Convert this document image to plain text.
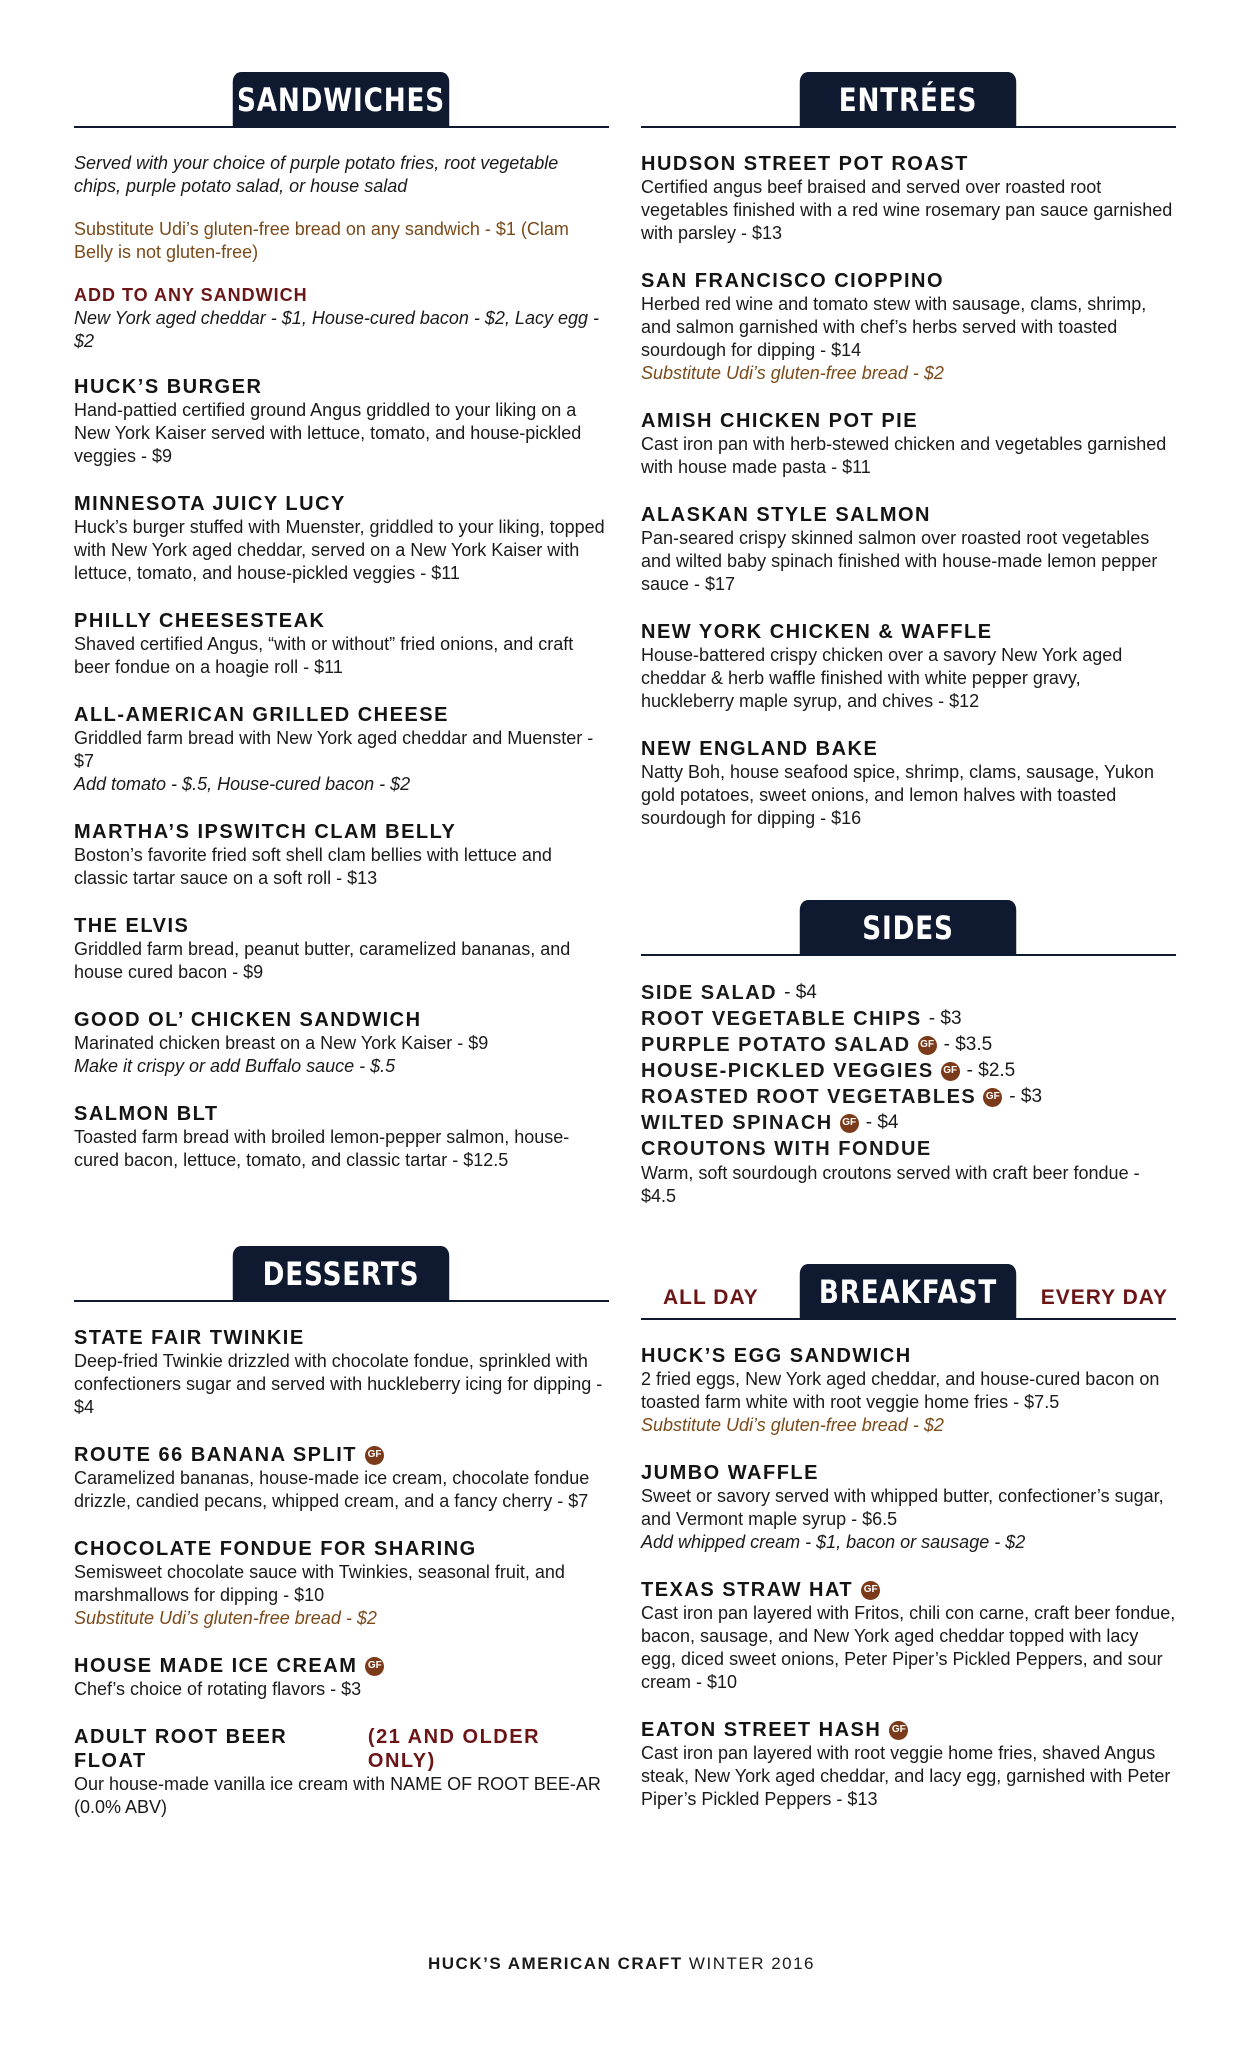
SANDWICHES

Served with your choice of purple potato fries, root vegetable chips, purple potato salad, or house salad

Substitute Udi’s gluten-free bread on any sandwich - $1 (Clam Belly is not gluten-free)

ADD TO ANY SANDWICH

New York aged cheddar - $1, House-cured bacon - $2, Lacy egg - $2

HUCK’S BURGER
Hand-pattied certified ground Angus griddled to your liking on a New York Kaiser served with lettuce, tomato, and house-pickled veggies - $9
MINNESOTA JUICY LUCY
Huck’s burger stuffed with Muenster, griddled to your liking, topped with New York aged cheddar, served on a New York Kaiser with lettuce, tomato, and house-pickled veggies - $11
PHILLY CHEESESTEAK
Shaved certified Angus, “with or without” fried onions, and craft beer fondue on a hoagie roll - $11
ALL-AMERICAN GRILLED CHEESE
Griddled farm bread with New York aged cheddar and Muenster - $7
Add tomato - $.5, House-cured bacon - $2
MARTHA’S IPSWITCH CLAM BELLY
Boston’s favorite fried soft shell clam bellies with lettuce and classic tartar sauce on a soft roll - $13
THE ELVIS
Griddled farm bread, peanut butter, caramelized bananas, and house cured bacon - $9
GOOD OL’ CHICKEN SANDWICH
Marinated chicken breast on a New York Kaiser - $9
Make it crispy or add Buffalo sauce - $.5
SALMON BLT
Toasted farm bread with broiled lemon-pepper salmon, house-cured bacon, lettuce, tomato, and classic tartar - $12.5
ENTRÉES
HUDSON STREET POT ROAST
Certified angus beef braised and served over roasted root vegetables finished with a red wine rosemary pan sauce garnished with parsley - $13
SAN FRANCISCO CIOPPINO
Herbed red wine and tomato stew with sausage, clams, shrimp, and salmon garnished with chef’s herbs served with toasted sourdough for dipping - $14
Substitute Udi’s gluten-free bread - $2
AMISH CHICKEN POT PIE
Cast iron pan with herb-stewed chicken and vegetables garnished with house made pasta - $11
ALASKAN STYLE SALMON
Pan-seared crispy skinned salmon over roasted root vegetables and wilted baby spinach finished with house-made lemon pepper sauce - $17
NEW YORK CHICKEN & WAFFLE
House-battered crispy chicken over a savory New York aged cheddar & herb waffle finished with white pepper gravy, huckleberry maple syrup, and chives - $12
NEW ENGLAND BAKE
Natty Boh, house seafood spice, shrimp, clams, sausage, Yukon gold potatoes, sweet onions, and lemon halves with toasted sourdough for dipping - $16
SIDES
SIDE SALAD - $4
ROOT VEGETABLE CHIPS - $3
PURPLE POTATO SALAD GF - $3.5
HOUSE-PICKLED VEGGIES GF - $2.5
ROASTED ROOT VEGETABLES GF - $3
WILTED SPINACH GF - $4
CROUTONS WITH FONDUE
Warm, soft sourdough croutons served with craft beer fondue - $4.5
DESSERTS
STATE FAIR TWINKIE
Deep-fried Twinkie drizzled with chocolate fondue, sprinkled with confectioners sugar and served with huckleberry icing for dipping - $4
ROUTE 66 BANANA SPLIT GF
Caramelized bananas, house-made ice cream, chocolate fondue drizzle, candied pecans, whipped cream, and a fancy cherry - $7
CHOCOLATE FONDUE FOR SHARING
Semisweet chocolate sauce with Twinkies, seasonal fruit, and marshmallows for dipping - $10
Substitute Udi’s gluten-free bread - $2
HOUSE MADE ICE CREAM GF
Chef’s choice of rotating flavors - $3
ADULT ROOT BEER FLOAT
(21 AND OLDER ONLY)
Our house-made vanilla ice cream with NAME OF ROOT BEE-AR (0.0% ABV)
ALL DAY BREAKFAST EVERY DAY
HUCK’S EGG SANDWICH
2 fried eggs, New York aged cheddar, and house-cured bacon on toasted farm white with root veggie home fries - $7.5
Substitute Udi’s gluten-free bread - $2
JUMBO WAFFLE
Sweet or savory served with whipped butter, confectioner’s sugar, and Vermont maple syrup - $6.5
Add whipped cream - $1, bacon or sausage - $2
TEXAS STRAW HAT GF
Cast iron pan layered with Fritos, chili con carne, craft beer fondue, bacon, sausage, and New York aged cheddar topped with lacy egg, diced sweet onions, Peter Piper’s Pickled Peppers, and sour cream - $10
EATON STREET HASH GF
Cast iron pan layered with root veggie home fries, shaved Angus steak, New York aged cheddar, and lacy egg, garnished with Peter Piper’s Pickled Peppers - $13
HUCK’S AMERICAN CRAFT WINTER 2016
